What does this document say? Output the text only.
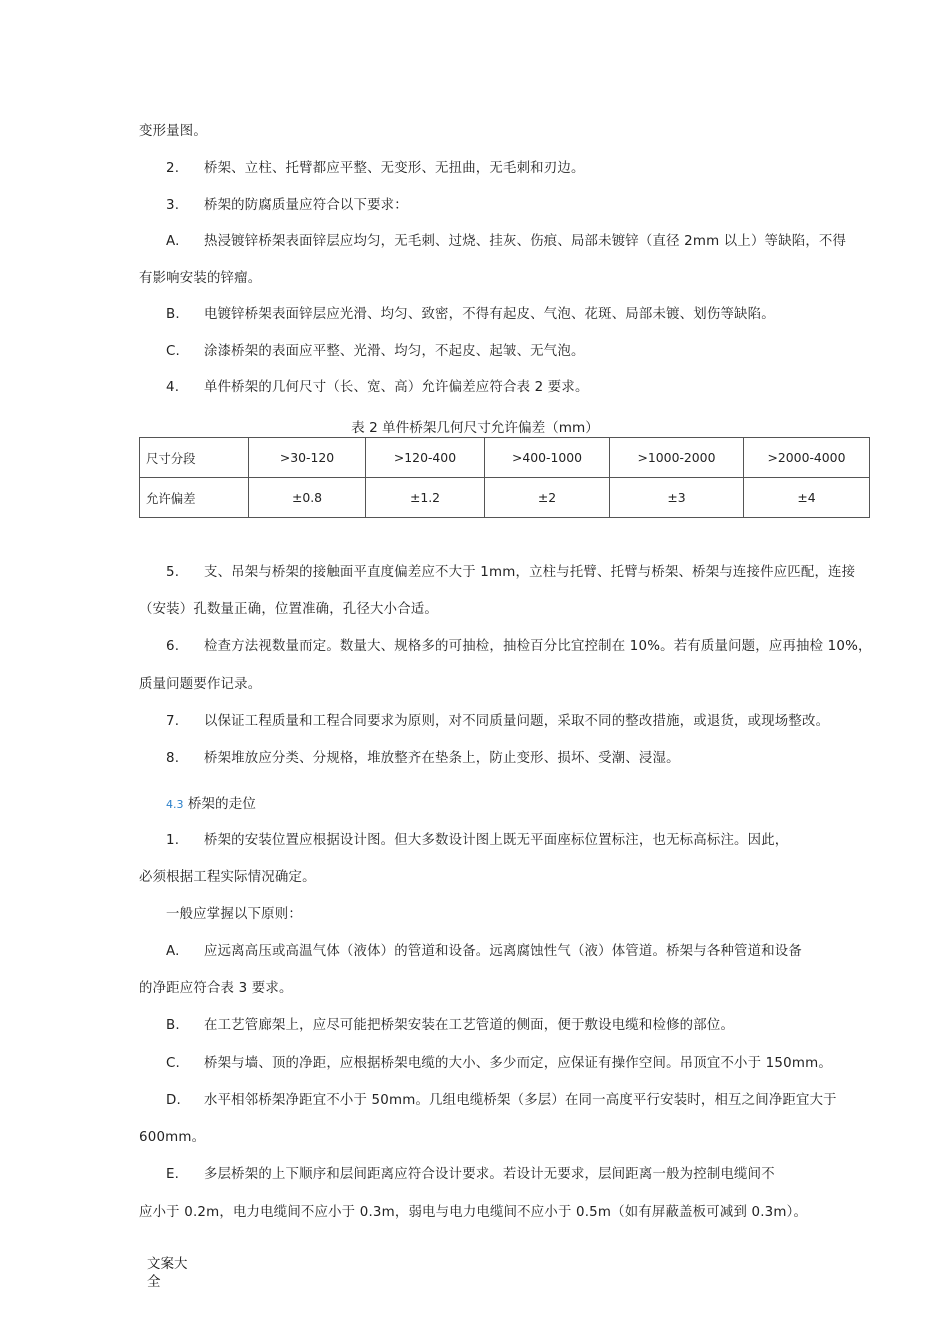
变形量图。
2. 桥架、立柱、托臂都应平整、无变形、无扭曲，无毛刺和刃边。
3. 桥架的防腐质量应符合以下要求：
A. 热浸镀锌桥架表面锌层应均匀，无毛刺、过烧、挂灰、伤痕、局部未镀锌（直径 2mm 以上）等缺陷，不得
有影响安装的锌瘤。
B. 电镀锌桥架表面锌层应光滑、均匀、致密，不得有起皮、气泡、花斑、局部未镀、划伤等缺陷。
C. 涂漆桥架的表面应平整、光滑、均匀，不起皮、起皱、无气泡。
4. 单件桥架的几何尺寸（长、宽、高）允许偏差应符合表 2 要求。
表 2 单件桥架几何尺寸允许偏差（mm）
尺寸分段	>30-120	>120-400	>400-1000	>1000-2000	>2000-4000
允许偏差	±0.8	±1.2	±2	±3	±4
5. 支、吊架与桥架的接触面平直度偏差应不大于 1mm，立柱与托臂、托臂与桥架、桥架与连接件应匹配，连接
（安装）孔数量正确，位置准确，孔径大小合适。
6. 检查方法视数量而定。数量大、规格多的可抽检，抽检百分比宜控制在 10%。若有质量问题，应再抽检 10%，
质量问题要作记录。
7. 以保证工程质量和工程合同要求为原则，对不同质量问题，采取不同的整改措施，或退货，或现场整改。
8. 桥架堆放应分类、分规格，堆放整齐在垫条上，防止变形、损坏、受潮、浸湿。
4.3 桥架的走位
1. 桥架的安装位置应根据设计图。但大多数设计图上既无平面座标位置标注，也无标高标注。因此，
必须根据工程实际情况确定。
一般应掌握以下原则：
A. 应远离高压或高温气体（液体）的管道和设备。远离腐蚀性气（液）体管道。桥架与各种管道和设备
的净距应符合表 3 要求。
B. 在工艺管廊架上，应尽可能把桥架安装在工艺管道的侧面，便于敷设电缆和检修的部位。
C. 桥架与墙、顶的净距，应根据桥架电缆的大小、多少而定，应保证有操作空间。吊顶宜不小于 150mm。
D. 水平相邻桥架净距宜不小于 50mm。几组电缆桥架（多层）在同一高度平行安装时，相互之间净距宜大于
600mm。
E. 多层桥架的上下顺序和层间距离应符合设计要求。若设计无要求，层间距离一般为控制电缆间不
应小于 0.2m，电力电缆间不应小于 0.3m，弱电与电力电缆间不应小于 0.5m（如有屏蔽盖板可减到 0.3m）。
文案大全
